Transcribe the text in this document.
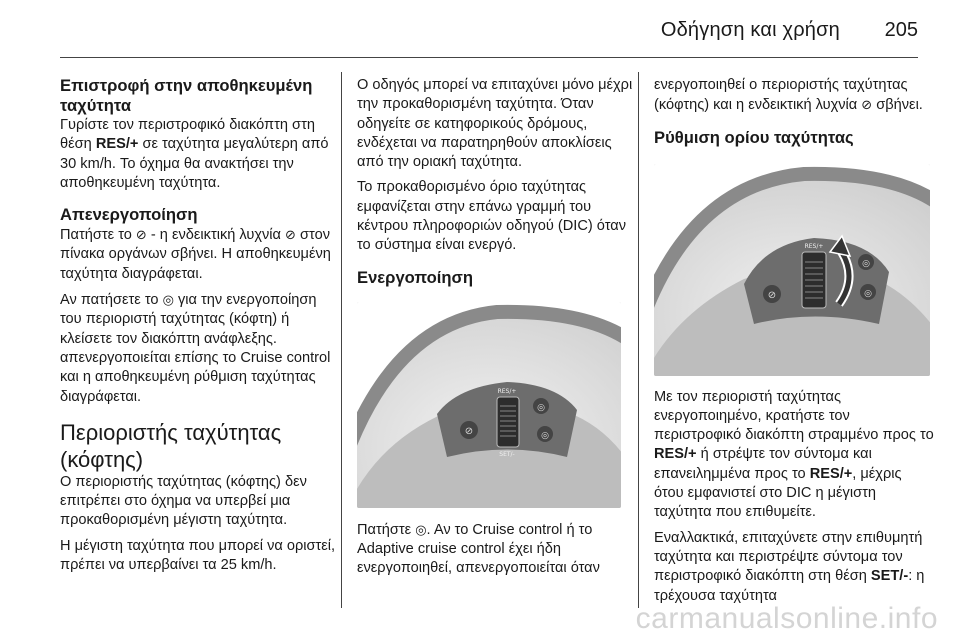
Οδήγηση και χρήση 205
Επιστροφή στην αποθηκευμένη ταχύτητα

Γυρίστε τον περιστροφικό διακόπτη στη θέση RES/+ σε ταχύτητα μεγαλύτερη από 30 km/h. Το όχημα θα ανακτήσει την αποθηκευμένη ταχύτητα.

Απενεργοποίηση

Πατήστε το ⊘ - η ενδεικτική λυχνία ⊘ στον πίνακα οργάνων σβήνει. Η αποθηκευμένη ταχύτητα διαγράφεται.

Αν πατήσετε το ◎ για την ενεργοποίηση του περιοριστή ταχύτητας (κόφτη) ή κλείσετε τον διακόπτη ανάφλεξης. απενεργοποιείται επίσης το Cruise control και η αποθηκευμένη ρύθμιση ταχύτητας διαγράφεται.

Περιοριστής ταχύτητας (κόφτης)

Ο περιοριστής ταχύτητας (κόφτης) δεν επιτρέπει στο όχημα να υπερβεί μια προκαθορισμένη μέγιστη ταχύτητα.

Η μέγιστη ταχύτητα που μπορεί να οριστεί, πρέπει να υπερβαίνει τα 25 km/h.

Ο οδηγός μπορεί να επιταχύνει μόνο μέχρι την προκαθορισμένη ταχύτητα. Όταν οδηγείτε σε κατηφορικούς δρόμους, ενδέχεται να παρατηρηθούν αποκλίσεις από την οριακή ταχύτητα.

Το προκαθορισμένο όριο ταχύτητας εμφανίζεται στην επάνω γραμμή του κέντρου πληροφοριών οδηγού (DIC) όταν το σύστημα είναι ενεργό.

Ενεργοποίηση
⊘
RES/+
SET/-
◎
◎

Πατήστε ◎. Αν το Cruise control ή το Adaptive cruise control έχει ήδη ενεργοποιηθεί, απενεργοποιείται όταν

ενεργοποιηθεί ο περιοριστής ταχύτητας (κόφτης) και η ενδεικτική λυχνία ⊘ σβήνει.

Ρύθμιση ορίου ταχύτητας
⊘
RES/+
◎
◎

Με τον περιοριστή ταχύτητας ενεργοποιημένο, κρατήστε τον περιστροφικό διακόπτη στραμμένο προς το RES/+ ή στρέψτε τον σύντομα και επανειλημμένα προς το RES/+, μέχρις ότου εμφανιστεί στο DIC η μέγιστη ταχύτητα που επιθυμείτε.

Εναλλακτικά, επιταχύνετε στην επιθυμητή ταχύτητα και περιστρέψτε σύντομα τον περιστροφικό διακόπτη στη θέση SET/-: η τρέχουσα ταχύτητα

carmanualsonline.info
